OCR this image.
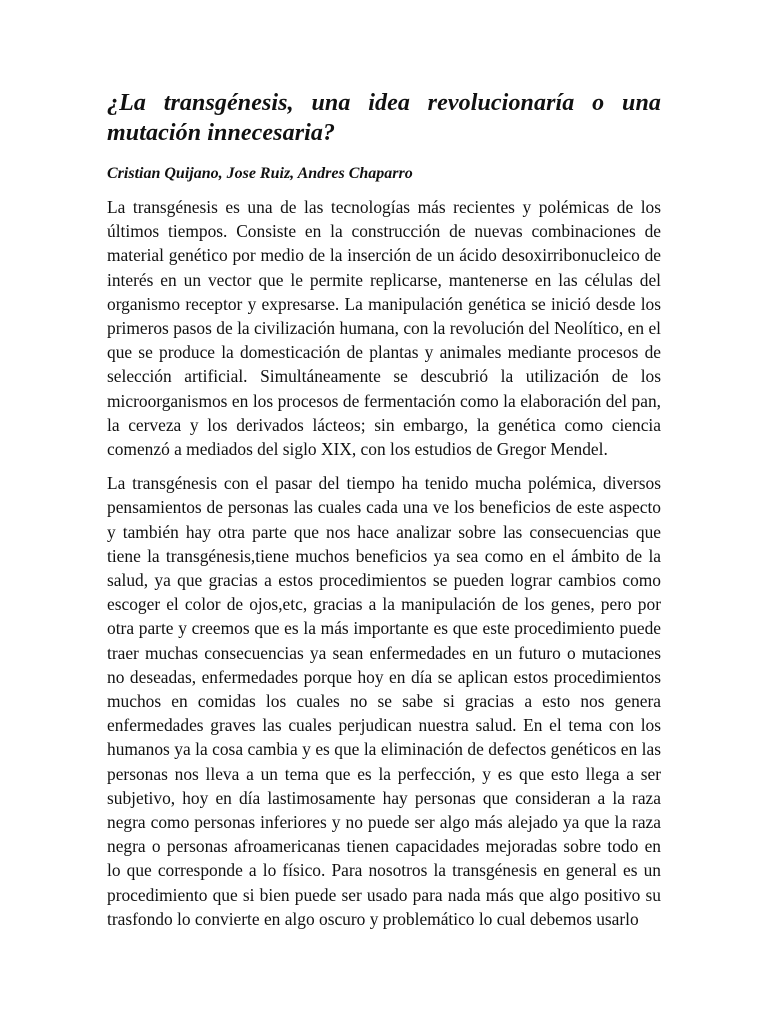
¿La transgénesis, una idea revolucionaría o una mutación innecesaria?
Cristian Quijano, Jose Ruiz, Andres Chaparro

La transgénesis es una de las tecnologías más recientes y polémicas de los últimos tiempos. Consiste en la construcción de nuevas combinaciones de material genético por medio de la inserción de un ácido desoxirribonucleico de interés en un vector que le permite replicarse, mantenerse en las células del organismo receptor y expresarse. La manipulación genética se inició desde los primeros pasos de la civilización humana, con la revolución del Neolítico, en el que se produce la domesticación de plantas y animales mediante procesos de selección artificial. Simultáneamente se descubrió la utilización de los microorganismos en los procesos de fermentación como la elaboración del pan, la cerveza y los derivados lácteos; sin embargo, la genética como ciencia comenzó a mediados del siglo XIX, con los estudios de Gregor Mendel.

La transgénesis con el pasar del tiempo ha tenido mucha polémica, diversos pensamientos de personas las cuales cada una ve los beneficios de este aspecto y también hay otra parte que nos hace analizar sobre las consecuencias que tiene la transgénesis,tiene muchos beneficios ya sea como en el ámbito de la salud, ya que gracias a estos procedimientos se pueden lograr cambios como escoger el color de ojos,etc, gracias a la manipulación de los genes, pero por otra parte y creemos que es la más importante es que este procedimiento puede traer muchas consecuencias ya sean enfermedades en un futuro o mutaciones no deseadas, enfermedades porque hoy en día se aplican estos procedimientos muchos en comidas los cuales no se sabe si gracias a esto nos genera enfermedades graves las cuales perjudican nuestra salud. En el tema con los humanos ya la cosa cambia y es que la eliminación de defectos genéticos en las personas nos lleva a un tema que es la perfección, y es que esto llega a ser subjetivo, hoy en día lastimosamente hay personas que consideran a la raza negra como personas inferiores y no puede ser algo más alejado ya que la raza negra o personas afroamericanas tienen capacidades mejoradas sobre todo en lo que corresponde a lo físico. Para nosotros la transgénesis en general es un procedimiento que si bien puede ser usado para nada más que algo positivo su trasfondo lo convierte en algo oscuro y problemático lo cual debemos usarlo
